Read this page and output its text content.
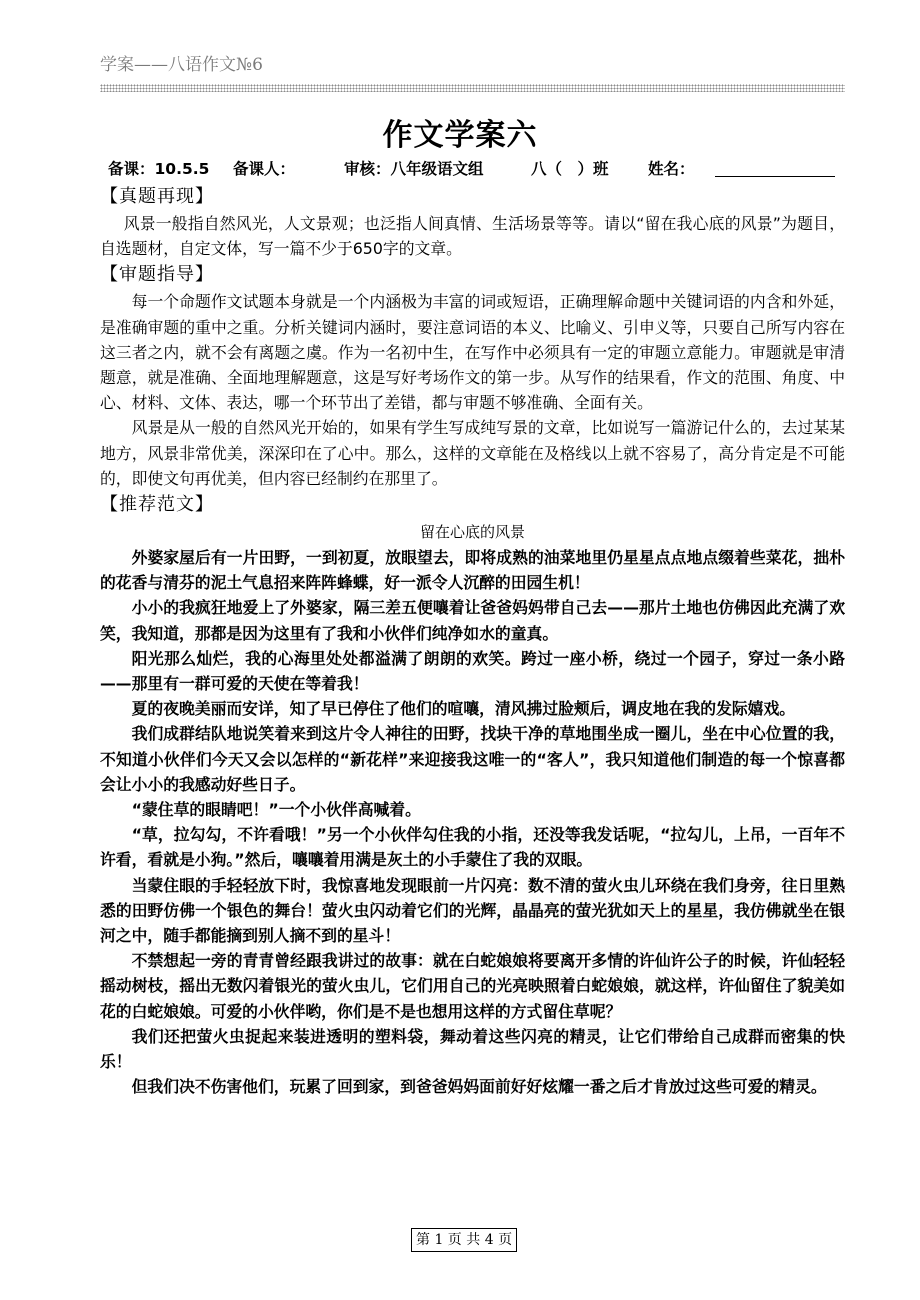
学案——八语作文№6
作文学案六
备课：10.5.5 备课人：	审核：八年级语文组	八（　）班	姓名：
【真题再现】

风景一般指自然风光，人文景观；也泛指人间真情、生活场景等等。请以“留在我心底的风景”为题目，自选题材，自定文体，写一篇不少于650字的文章。

【审题指导】

每一个命题作文试题本身就是一个内涵极为丰富的词或短语，正确理解命题中关键词语的内含和外延，是准确审题的重中之重。分析关键词内涵时，要注意词语的本义、比喻义、引申义等，只要自己所写内容在这三者之内，就不会有离题之虞。作为一名初中生，在写作中必须具有一定的审题立意能力。审题就是审清题意，就是准确、全面地理解题意，这是写好考场作文的第一步。从写作的结果看，作文的范围、角度、中心、材料、文体、表达，哪一个环节出了差错，都与审题不够准确、全面有关。

风景是从一般的自然风光开始的，如果有学生写成纯写景的文章，比如说写一篇游记什么的，去过某某地方，风景非常优美，深深印在了心中。那么，这样的文章能在及格线以上就不容易了，高分肯定是不可能的，即使文句再优美，但内容已经制约在那里了。

【推荐范文】
留在心底的风景

外婆家屋后有一片田野，一到初夏，放眼望去，即将成熟的油菜地里仍星星点点地点缀着些菜花，拙朴的花香与清芬的泥土气息招来阵阵蜂蝶，好一派令人沉醉的田园生机！

小小的我疯狂地爱上了外婆家，隔三差五便嚷着让爸爸妈妈带自己去——那片土地也仿佛因此充满了欢笑，我知道，那都是因为这里有了我和小伙伴们纯净如水的童真。

阳光那么灿烂，我的心海里处处都溢满了朗朗的欢笑。跨过一座小桥，绕过一个园子，穿过一条小路——那里有一群可爱的天使在等着我！

夏的夜晚美丽而安详，知了早已停住了他们的喧嚷，清风拂过脸颊后，调皮地在我的发际嬉戏。

我们成群结队地说笑着来到这片令人神往的田野，找块干净的草地围坐成一圈儿，坐在中心位置的我，不知道小伙伴们今天又会以怎样的“新花样”来迎接我这唯一的“客人”，我只知道他们制造的每一个惊喜都会让小小的我感动好些日子。

“蒙住草的眼睛吧！”一个小伙伴高喊着。

“草，拉勾勾，不许看哦！”另一个小伙伴勾住我的小指，还没等我发话呢，“拉勾儿，上吊，一百年不许看，看就是小狗。”然后，嚷嚷着用满是灰土的小手蒙住了我的双眼。

当蒙住眼的手轻轻放下时，我惊喜地发现眼前一片闪亮：数不清的萤火虫儿环绕在我们身旁，往日里熟悉的田野仿佛一个银色的舞台！萤火虫闪动着它们的光辉，晶晶亮的萤光犹如天上的星星，我仿佛就坐在银河之中，随手都能摘到别人摘不到的星斗！

不禁想起一旁的青青曾经跟我讲过的故事：就在白蛇娘娘将要离开多情的许仙许公子的时候，许仙轻轻摇动树枝，摇出无数闪着银光的萤火虫儿，它们用自己的光亮映照着白蛇娘娘，就这样，许仙留住了貌美如花的白蛇娘娘。可爱的小伙伴哟，你们是不是也想用这样的方式留住草呢？

我们还把萤火虫捉起来装进透明的塑料袋，舞动着这些闪亮的精灵，让它们带给自己成群而密集的快乐！

但我们决不伤害他们，玩累了回到家，到爸爸妈妈面前好好炫耀一番之后才肯放过这些可爱的精灵。

第 1 页 共 4 页
